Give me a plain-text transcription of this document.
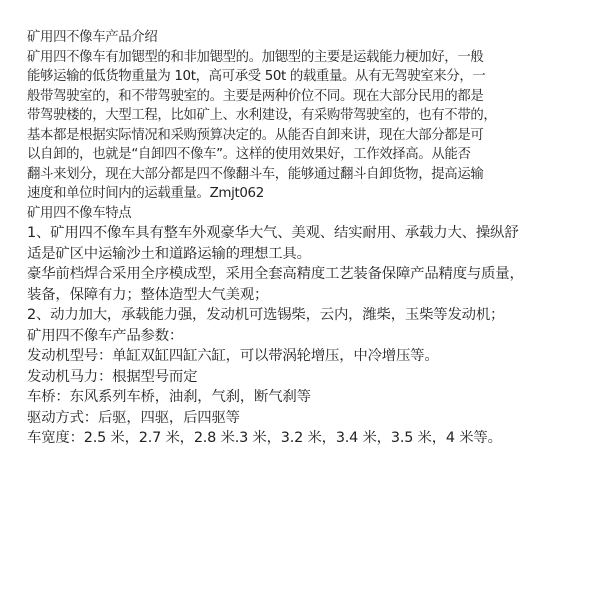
矿用四不像车产品介绍
矿用四不像车有加锶型的和非加锶型的。加锶型的主要是运载能力梗加好，一般
能够运输的低货物重量为 10t，高可承受 50t 的载重量。从有无驾驶室来分，一
般带驾驶室的，和不带驾驶室的。主要是两种价位不同。现在大部分民用的都是
带驾驶楼的，大型工程，比如矿上、水利建设，有采购带驾驶室的，也有不带的，
基本都是根据实际情况和采购预算决定的。从能否自卸来讲，现在大部分都是可
以自卸的，也就是“自卸四不像车”。这样的使用效果好，工作效择高。从能否
翻斗来划分，现在大部分都是四不像翻斗车，能够通过翻斗自卸货物，提高运输
速度和单位时间内的运载重量。Zmjt062
矿用四不像车特点
1、矿用四不像车具有整车外观豪华大气、美观、结实耐用、承载力大、操纵舒
适是矿区中运输沙土和道路运输的理想工具。
豪华前档焊合采用全序模成型，采用全套高精度工艺装备保障产品精度与质量，
装备，保障有力；整体造型大气美观；
2、动力加大，承载能力强，发动机可选锡柴，云内，潍柴，玉柴等发动机；
矿用四不像车产品参数：
发动机型号：单缸双缸四缸六缸，可以带涡轮增压，中冷增压等。
发动机马力：根据型号而定
车桥：东风系列车桥，油刹，气刹，断气刹等
驱动方式：后驱，四驱，后四驱等
车宽度：2.5 米，2.7 米，2.8 米.3 米，3.2 米，3.4 米，3.5 米，4 米等。
